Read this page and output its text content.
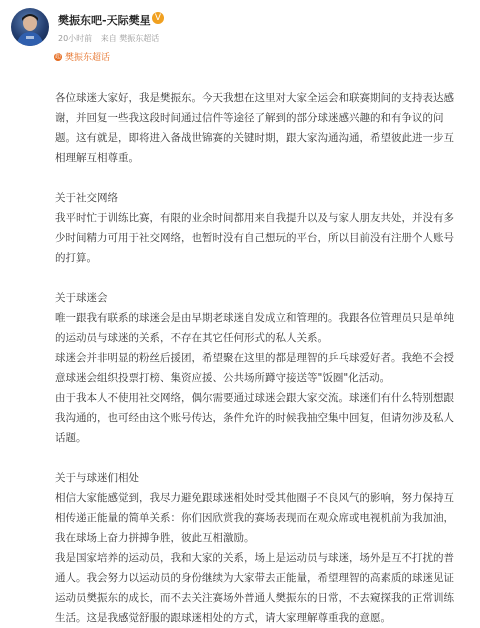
樊振东吧-天际樊星 V
20小时前 来自 樊振东超话
超 樊振东超话
各位球迷大家好，我是樊振东。今天我想在这里对大家全运会和联赛期间的支持表达感
谢，并回复一些我这段时间通过信件等途径了解到的部分球迷感兴趣的和有争议的问
题。这有就是，即将进入备战世锦赛的关键时期，跟大家沟通沟通，希望彼此进一步互
相理解互相尊重。
关于社交网络
我平时忙于训练比赛，有限的业余时间都用来自我提升以及与家人朋友共处，并没有多
少时间精力可用于社交网络，也暂时没有自己想玩的平台，所以目前没有注册个人账号
的打算。
关于球迷会
唯一跟我有联系的球迷会是由早期老球迷自发成立和管理的。我跟各位管理员只是单纯
的运动员与球迷的关系，不存在其它任何形式的私人关系。
球迷会并非明显的粉丝后援团，希望聚在这里的都是理智的乒乓球爱好者。我绝不会授
意球迷会组织投票打榜、集资应援、公共场所蹲守接送等"饭圈"化活动。
由于我本人不使用社交网络，偶尔需要通过球迷会跟大家交流。球迷们有什么特别想跟
我沟通的，也可经由这个账号传达，条件允许的时候我抽空集中回复，但请勿涉及私人
话题。
关于与球迷们相处
相信大家能感觉到，我尽力避免跟球迷相处时受其他圈子不良风气的影响，努力保持互
相传递正能量的简单关系：你们因欣赏我的赛场表现而在观众席或电视机前为我加油，
我在球场上奋力拼搏争胜，彼此互相激励。
我是国家培养的运动员，我和大家的关系，场上是运动员与球迷，场外是互不打扰的普
通人。我会努力以运动员的身份继续为大家带去正能量，希望理智的高素质的球迷见证
运动员樊振东的成长，而不去关注赛场外普通人樊振东的日常，不去窥探我的正常训练
生活。这是我感觉舒服的跟球迷相处的方式，请大家理解尊重我的意愿。
